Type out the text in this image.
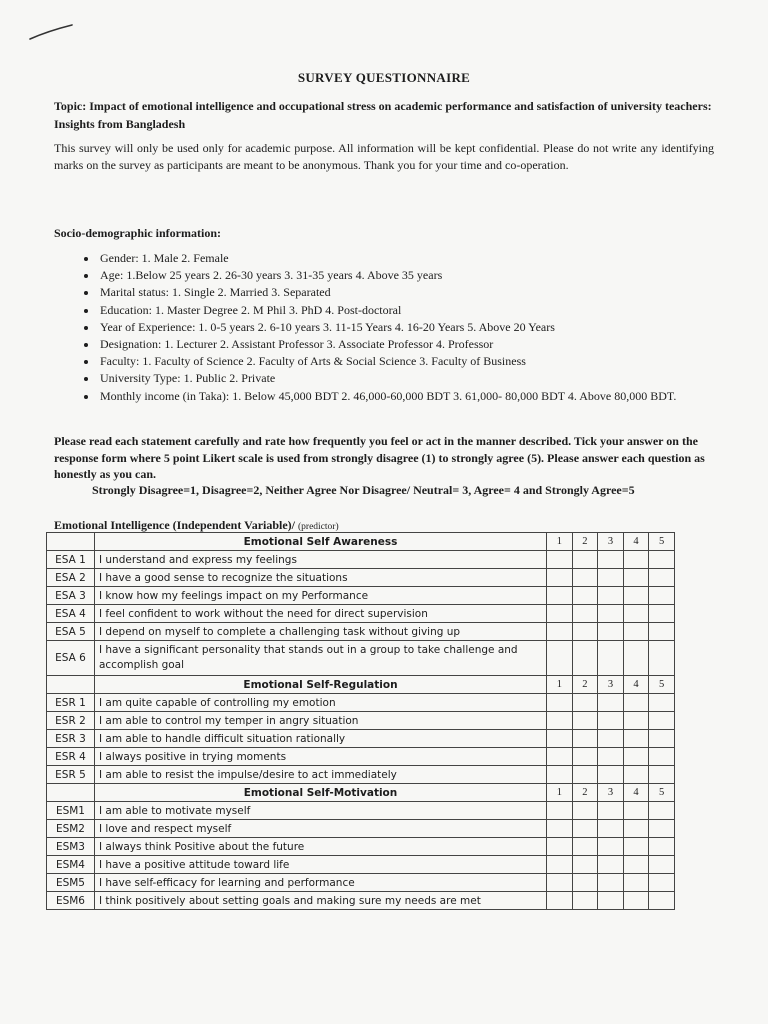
SURVEY QUESTIONNAIRE
Topic: Impact of emotional intelligence and occupational stress on academic performance and satisfaction of university teachers: Insights from Bangladesh
This survey will only be used only for academic purpose. All information will be kept confidential. Please do not write any identifying marks on the survey as participants are meant to be anonymous. Thank you for your time and co-operation.
Socio-demographic information:
• Gender: 1. Male 2. Female
• Age: 1.Below 25 years 2. 26-30 years 3. 31-35 years 4. Above 35 years
• Marital status: 1. Single 2. Married 3. Separated
• Education: 1. Master Degree 2. M Phil 3. PhD 4. Post-doctoral
• Year of Experience: 1. 0-5 years 2. 6-10 years 3. 11-15 Years 4. 16-20 Years 5. Above 20 Years
• Designation: 1. Lecturer 2. Assistant Professor 3. Associate Professor 4. Professor
• Faculty: 1. Faculty of Science 2. Faculty of Arts & Social Science 3. Faculty of Business
• University Type: 1. Public 2. Private
• Monthly income (in Taka): 1. Below 45,000 BDT 2. 46,000-60,000 BDT 3. 61,000- 80,000 BDT 4. Above 80,000 BDT.
Please read each statement carefully and rate how frequently you feel or act in the manner described. Tick your answer on the response form where 5 point Likert scale is used from strongly disagree (1) to strongly agree (5). Please answer each question as honestly as you can.
Strongly Disagree=1, Disagree=2, Neither Agree Nor Disagree/ Neutral= 3, Agree= 4 and Strongly Agree=5
Emotional Intelligence (Independent Variable)/ (predictor)
	Emotional Self Awareness	1	2	3	4	5
ESA 1	I understand and express my feelings					
ESA 2	I have a good sense to recognize the situations					
ESA 3	I know how my feelings impact on my Performance					
ESA 4	I feel confident to work without the need for direct supervision					
ESA 5	I depend on myself to complete a challenging task without giving up					
ESA 6	I have a significant personality that stands out in a group to take challenge and accomplish goal					
	Emotional Self-Regulation	1	2	3	4	5
ESR 1	I am quite capable of controlling my emotion					
ESR 2	I am able to control my temper in angry situation					
ESR 3	I am able to handle difficult situation rationally					
ESR 4	I always positive in trying moments					
ESR 5	I am able to resist the impulse/desire to act immediately					
	Emotional Self-Motivation	1	2	3	4	5
ESM1	I am able to motivate myself					
ESM2	I love and respect myself					
ESM3	I always think Positive about the future					
ESM4	I have a positive attitude toward life					
ESM5	I have self-efficacy for learning and performance					
ESM6	I think positively about setting goals and making sure my needs are met					
